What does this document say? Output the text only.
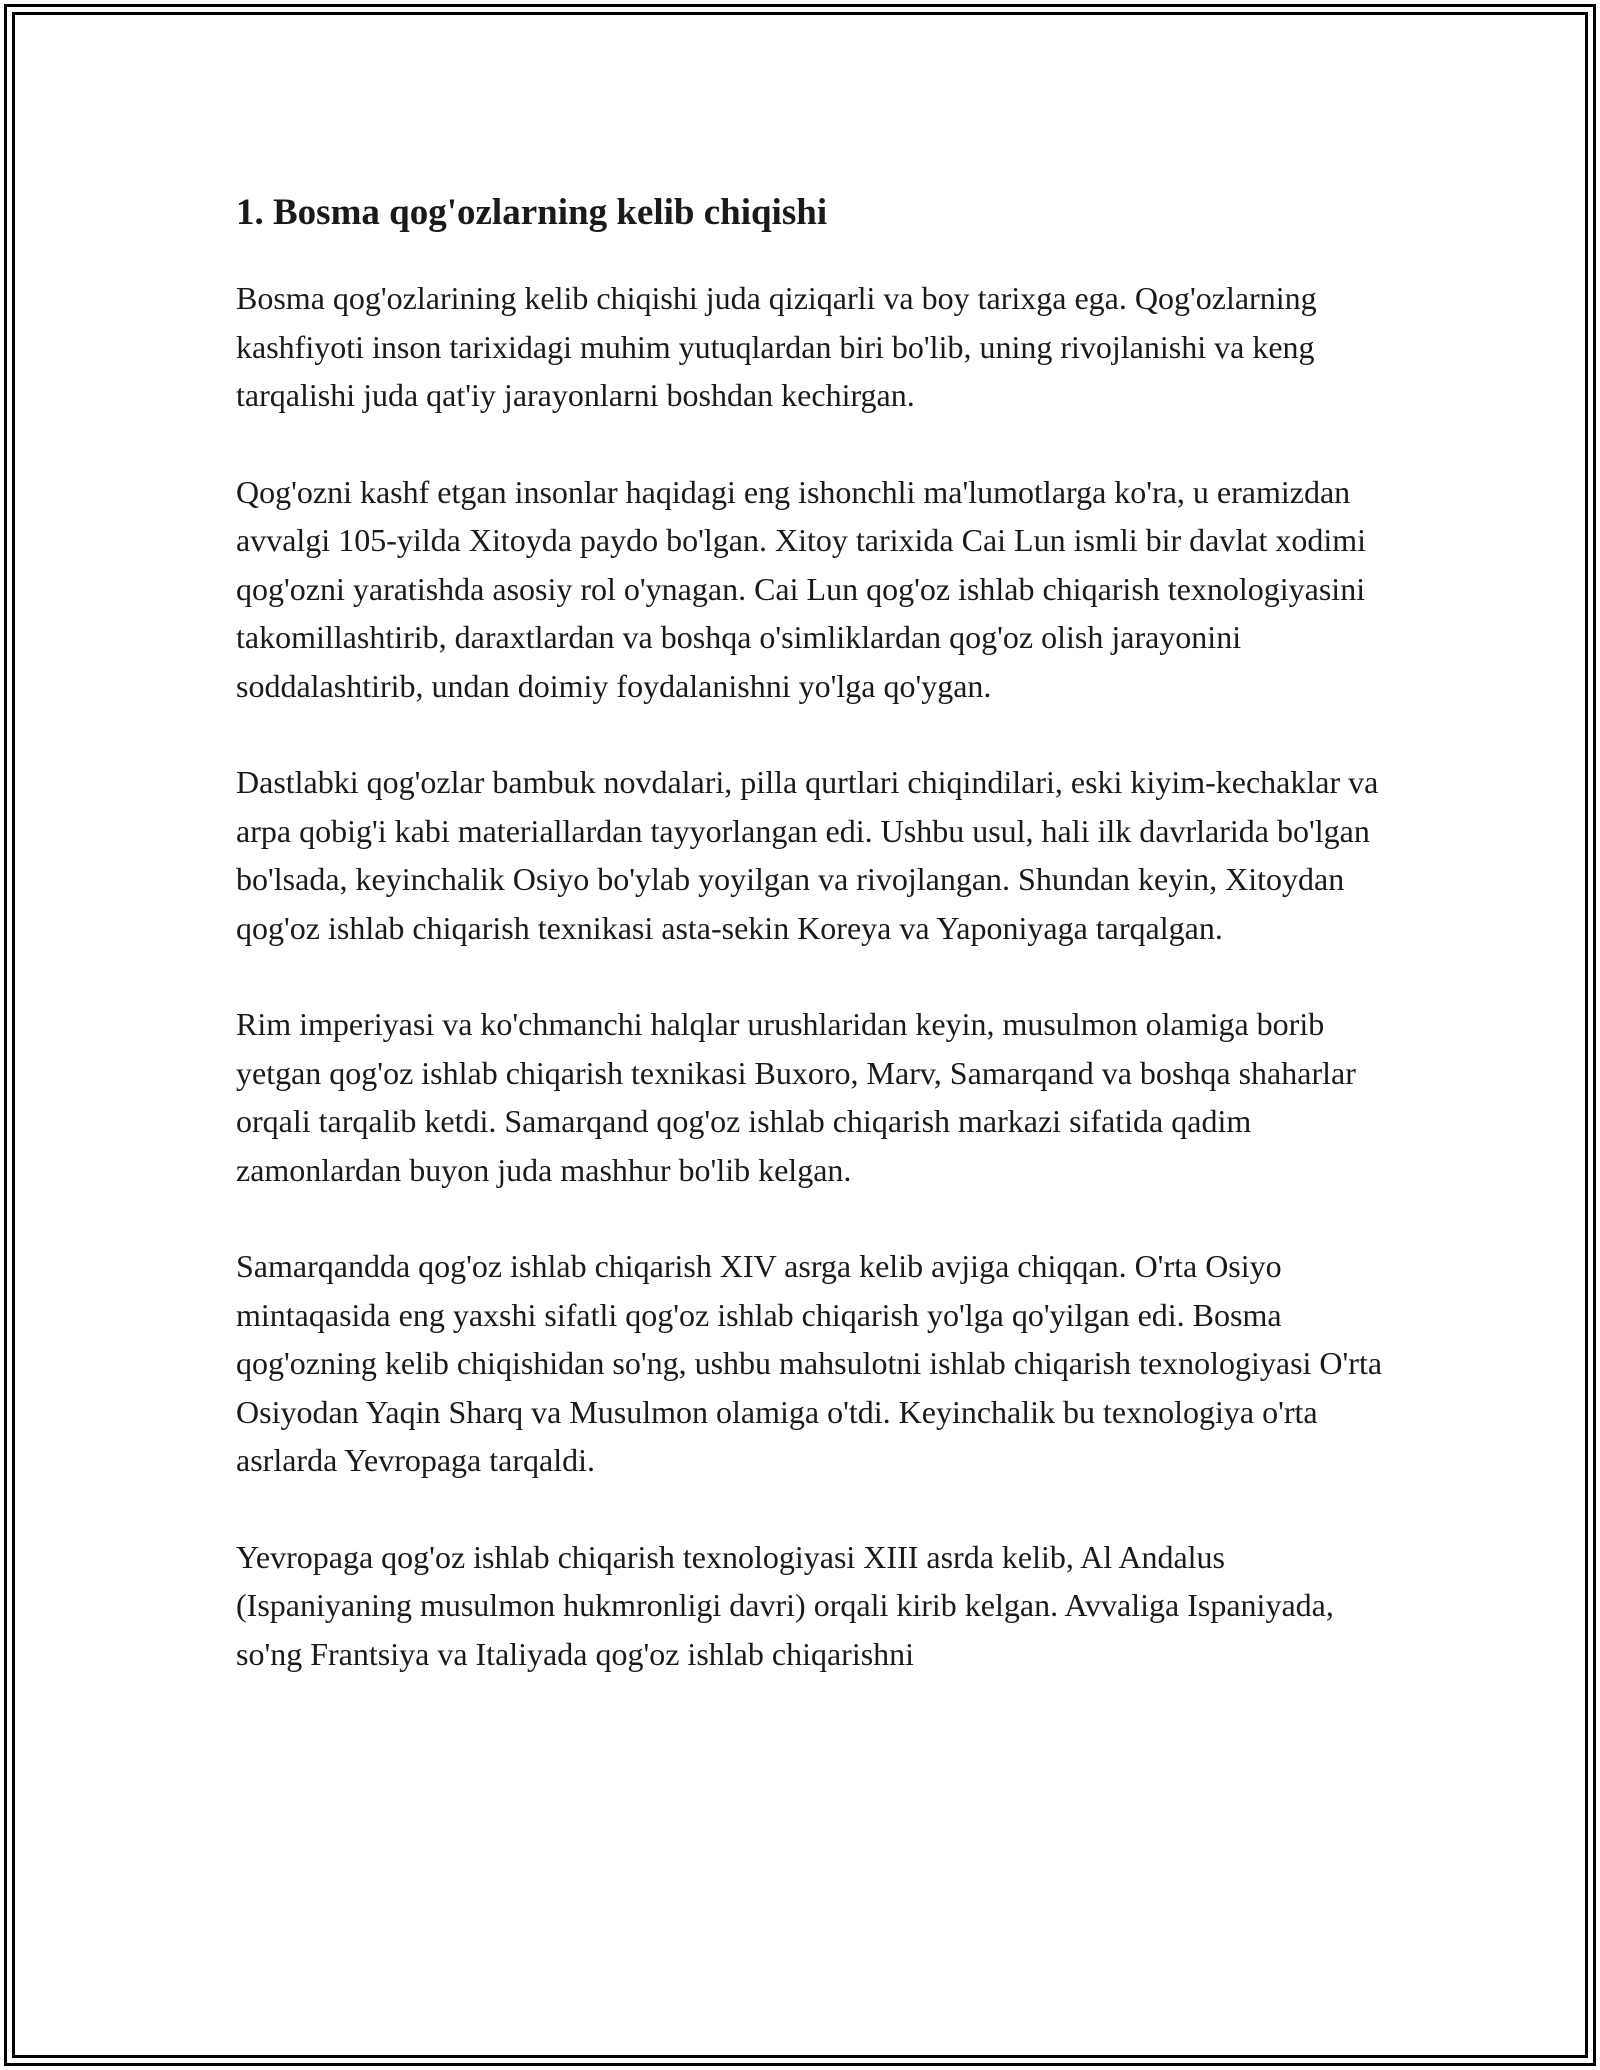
1. Bosma qog'ozlarning kelib chiqishi

Bosma qog'ozlarining kelib chiqishi juda qiziqarli va boy tarixga ega. Qog'ozlarning kashfiyoti inson tarixidagi muhim yutuqlardan biri bo'lib, uning rivojlanishi va keng tarqalishi juda qat'iy jarayonlarni boshdan kechirgan.

Qog'ozni kashf etgan insonlar haqidagi eng ishonchli ma'lumotlarga ko'ra, u eramizdan avvalgi 105-yilda Xitoyda paydo bo'lgan. Xitoy tarixida Cai Lun ismli bir davlat xodimi qog'ozni yaratishda asosiy rol o'ynagan. Cai Lun qog'oz ishlab chiqarish texnologiyasini takomillashtirib, daraxtlardan va boshqa o'simliklardan qog'oz olish jarayonini soddalashtirib, undan doimiy foydalanishni yo'lga qo'ygan.

Dastlabki qog'ozlar bambuk novdalari, pilla qurtlari chiqindilari, eski kiyim-kechaklar va arpa qobig'i kabi materiallardan tayyorlangan edi. Ushbu usul, hali ilk davrlarida bo'lgan bo'lsada, keyinchalik Osiyo bo'ylab yoyilgan va rivojlangan. Shundan keyin, Xitoydan qog'oz ishlab chiqarish texnikasi asta-sekin Koreya va Yaponiyaga tarqalgan.

Rim imperiyasi va ko'chmanchi halqlar urushlaridan keyin, musulmon olamiga borib yetgan qog'oz ishlab chiqarish texnikasi Buxoro, Marv, Samarqand va boshqa shaharlar orqali tarqalib ketdi. Samarqand qog'oz ishlab chiqarish markazi sifatida qadim zamonlardan buyon juda mashhur bo'lib kelgan.

Samarqandda qog'oz ishlab chiqarish XIV asrga kelib avjiga chiqqan. O'rta Osiyo mintaqasida eng yaxshi sifatli qog'oz ishlab chiqarish yo'lga qo'yilgan edi. Bosma qog'ozning kelib chiqishidan so'ng, ushbu mahsulotni ishlab chiqarish texnologiyasi O'rta Osiyodan Yaqin Sharq va Musulmon olamiga o'tdi. Keyinchalik bu texnologiya o'rta asrlarda Yevropaga tarqaldi.

Yevropaga qog'oz ishlab chiqarish texnologiyasi XIII asrda kelib, Al Andalus (Ispaniyaning musulmon hukmronligi davri) orqali kirib kelgan. Avvaliga Ispaniyada, so'ng Frantsiya va Italiyada qog'oz ishlab chiqarishni
